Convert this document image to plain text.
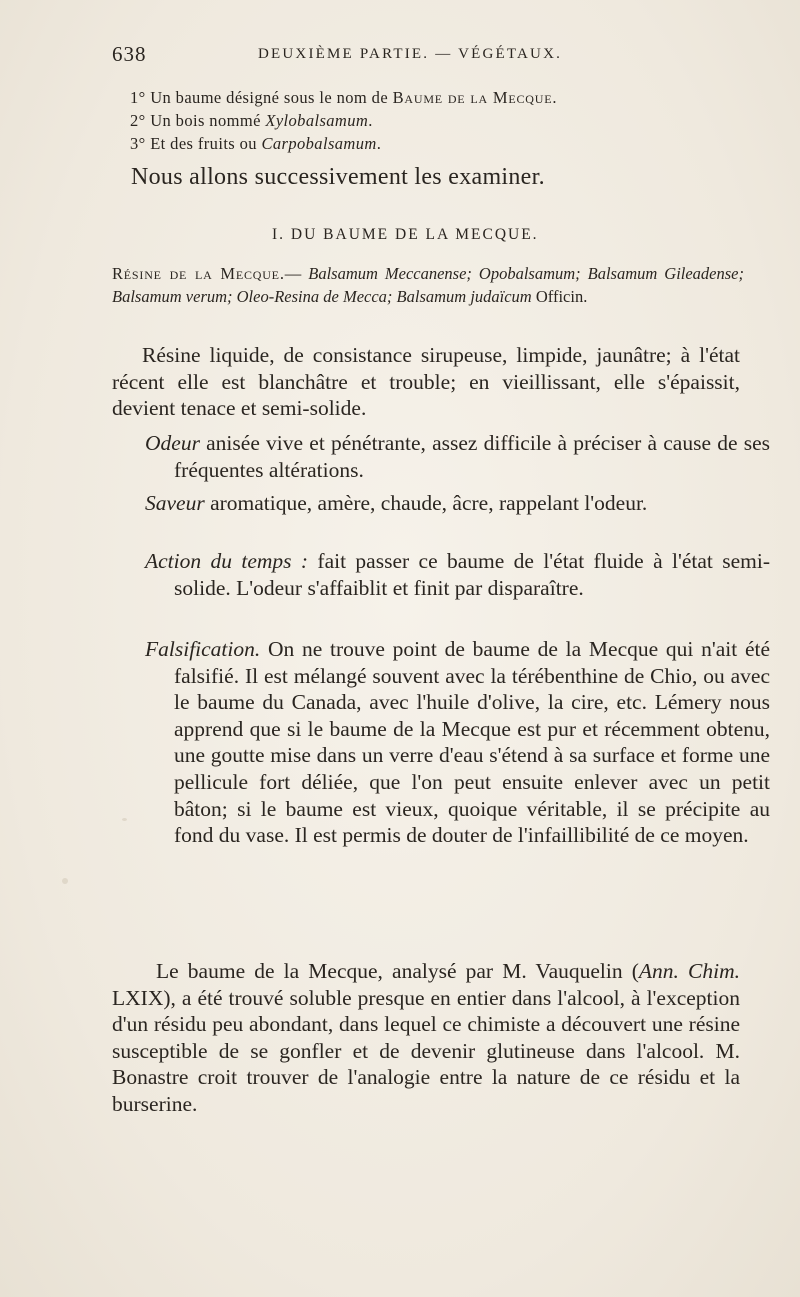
638	DEUXIÈME PARTIE. — VÉGÉTAUX.
1° Un baume désigné sous le nom de Baume de la Mecque.
2° Un bois nommé Xylobalsamum.
3° Et des fruits ou Carpobalsamum.
Nous allons successivement les examiner.
I. DU BAUME DE LA MECQUE.
Résine de la Mecque.— Balsamum Meccanense; Opobalsamum; Balsamum Gileadense; Balsamum verum; Oleo-Resina de Mecca; Balsamum judaïcum Officin.
Résine liquide, de consistance sirupeuse, limpide, jaunâtre; à l'état récent elle est blanchâtre et trouble; en vieillissant, elle s'épaissit, devient tenace et semi-solide.
Odeur anisée vive et pénétrante, assez difficile à préciser à cause de ses fréquentes altérations.
Saveur aromatique, amère, chaude, âcre, rappelant l'odeur.
Action du temps : fait passer ce baume de l'état fluide à l'état semi-solide. L'odeur s'affaiblit et finit par disparaître.
Falsification. On ne trouve point de baume de la Mecque qui n'ait été falsifié. Il est mélangé souvent avec la térébenthine de Chio, ou avec le baume du Canada, avec l'huile d'olive, la cire, etc. Lémery nous apprend que si le baume de la Mecque est pur et récemment obtenu, une goutte mise dans un verre d'eau s'étend à sa surface et forme une pellicule fort déliée, que l'on peut ensuite enlever avec un petit bâton; si le baume est vieux, quoique véritable, il se précipite au fond du vase. Il est permis de douter de l'infaillibilité de ce moyen.
Le baume de la Mecque, analysé par M. Vauquelin (Ann. Chim. LXIX), a été trouvé soluble presque en entier dans l'alcool, à l'exception d'un résidu peu abondant, dans lequel ce chimiste a découvert une résine susceptible de se gonfler et de devenir glutineuse dans l'alcool. M. Bonastre croit trouver de l'analogie entre la nature de ce résidu et la burserine.
